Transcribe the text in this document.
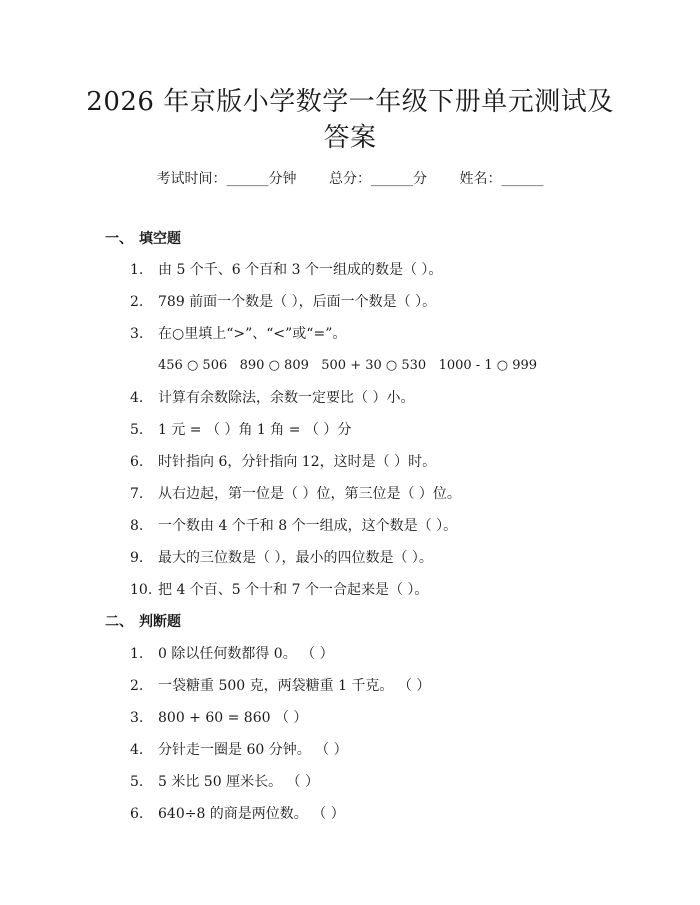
2026 年京版小学数学一年级下册单元测试及
答案
考试时间：______分钟 总分：______分 姓名：______
一、 填空题
1. 由 5 个千、6 个百和 3 个一组成的数是（ ）。
2. 789 前面一个数是（ ），后面一个数是（ ）。
3. 在○里填上“>”、“<”或“=”。
456 ○ 506   890 ○ 809   500 + 30 ○ 530   1000 - 1 ○ 999
4. 计算有余数除法，余数一定要比（ ）小。
5. 1 元 = （ ）角 1 角 = （ ）分
6. 时针指向 6，分针指向 12，这时是（ ）时。
7. 从右边起，第一位是（ ）位，第三位是（ ）位。
8. 一个数由 4 个千和 8 个一组成，这个数是（ ）。
9. 最大的三位数是（ ），最小的四位数是（ ）。
10. 把 4 个百、5 个十和 7 个一合起来是（ ）。
二、 判断题
1. 0 除以任何数都得 0。 （ ）
2. 一袋糖重 500 克，两袋糖重 1 千克。 （ ）
3. 800 + 60 = 860 （ ）
4. 分针走一圈是 60 分钟。 （ ）
5. 5 米比 50 厘米长。 （ ）
6. 640÷8 的商是两位数。 （ ）
